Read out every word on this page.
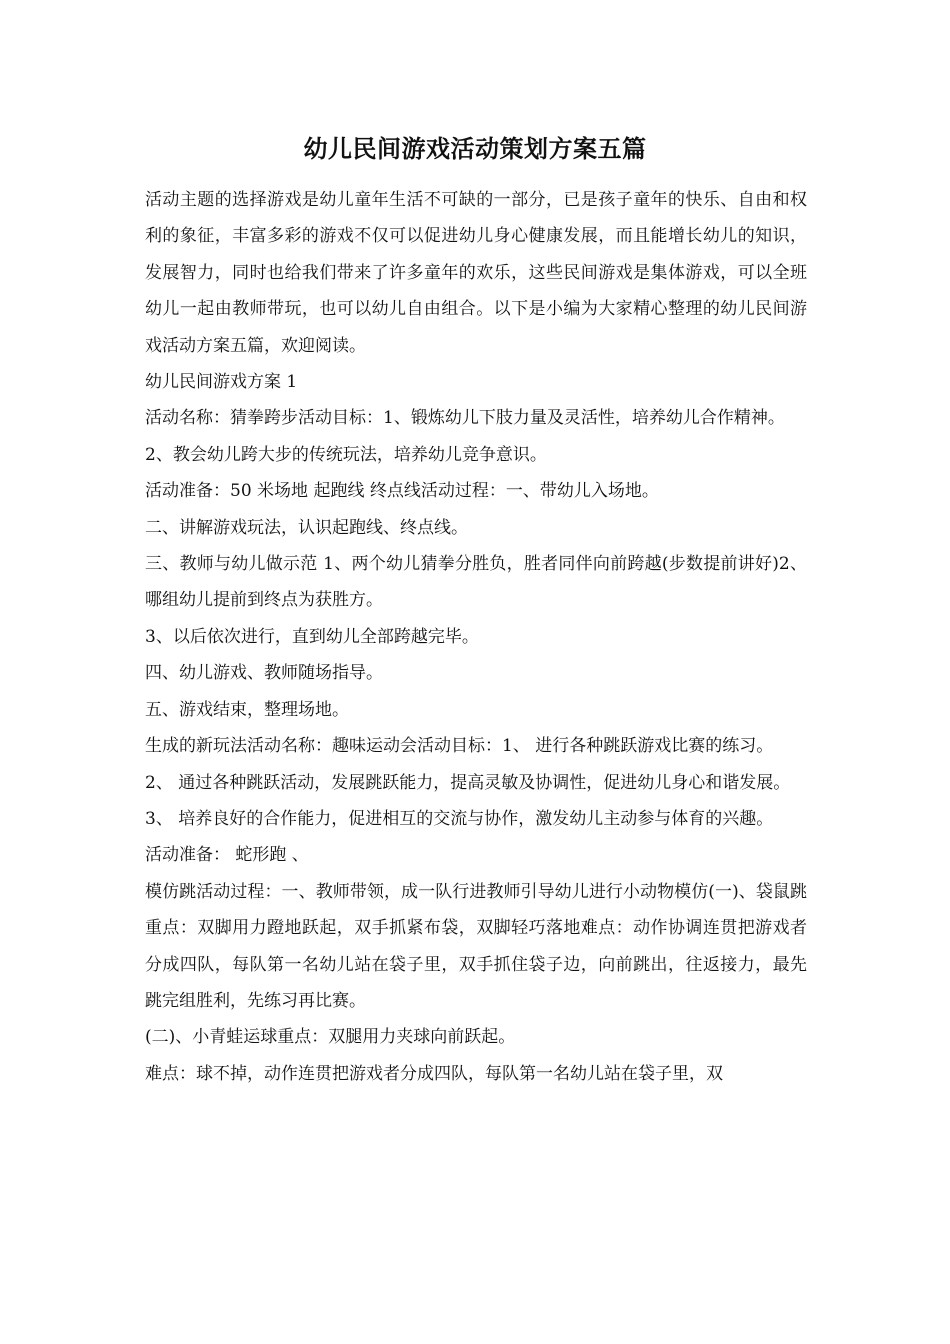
幼儿民间游戏活动策划方案五篇

活动主题的选择游戏是幼儿童年生活不可缺的一部分，已是孩子童年的快乐、自由和权利的象征，丰富多彩的游戏不仅可以促进幼儿身心健康发展，而且能增长幼儿的知识，发展智力，同时也给我们带来了许多童年的欢乐，这些民间游戏是集体游戏，可以全班幼儿一起由教师带玩，也可以幼儿自由组合。以下是小编为大家精心整理的幼儿民间游戏活动方案五篇，欢迎阅读。

幼儿民间游戏方案 1

活动名称：猜拳跨步活动目标：1、锻炼幼儿下肢力量及灵活性，培养幼儿合作精神。

2、教会幼儿跨大步的传统玩法，培养幼儿竞争意识。

活动准备：50 米场地 起跑线 终点线活动过程：一、带幼儿入场地。

二、讲解游戏玩法，认识起跑线、终点线。

三、教师与幼儿做示范 1、两个幼儿猜拳分胜负，胜者同伴向前跨越(步数提前讲好)2、哪组幼儿提前到终点为获胜方。

3、以后依次进行，直到幼儿全部跨越完毕。

四、幼儿游戏、教师随场指导。

五、游戏结束，整理场地。

生成的新玩法活动名称：趣味运动会活动目标：1、 进行各种跳跃游戏比赛的练习。

2、 通过各种跳跃活动，发展跳跃能力，提高灵敏及协调性，促进幼儿身心和谐发展。

3、 培养良好的合作能力，促进相互的交流与协作，激发幼儿主动参与体育的兴趣。

活动准备： 蛇形跑 、

模仿跳活动过程：一、教师带领，成一队行进教师引导幼儿进行小动物模仿(一)、袋鼠跳重点：双脚用力蹬地跃起，双手抓紧布袋，双脚轻巧落地难点：动作协调连贯把游戏者分成四队，每队第一名幼儿站在袋子里，双手抓住袋子边，向前跳出，往返接力，最先跳完组胜利，先练习再比赛。

(二)、小青蛙运球重点：双腿用力夹球向前跃起。

难点：球不掉，动作连贯把游戏者分成四队，每队第一名幼儿站在袋子里，双
